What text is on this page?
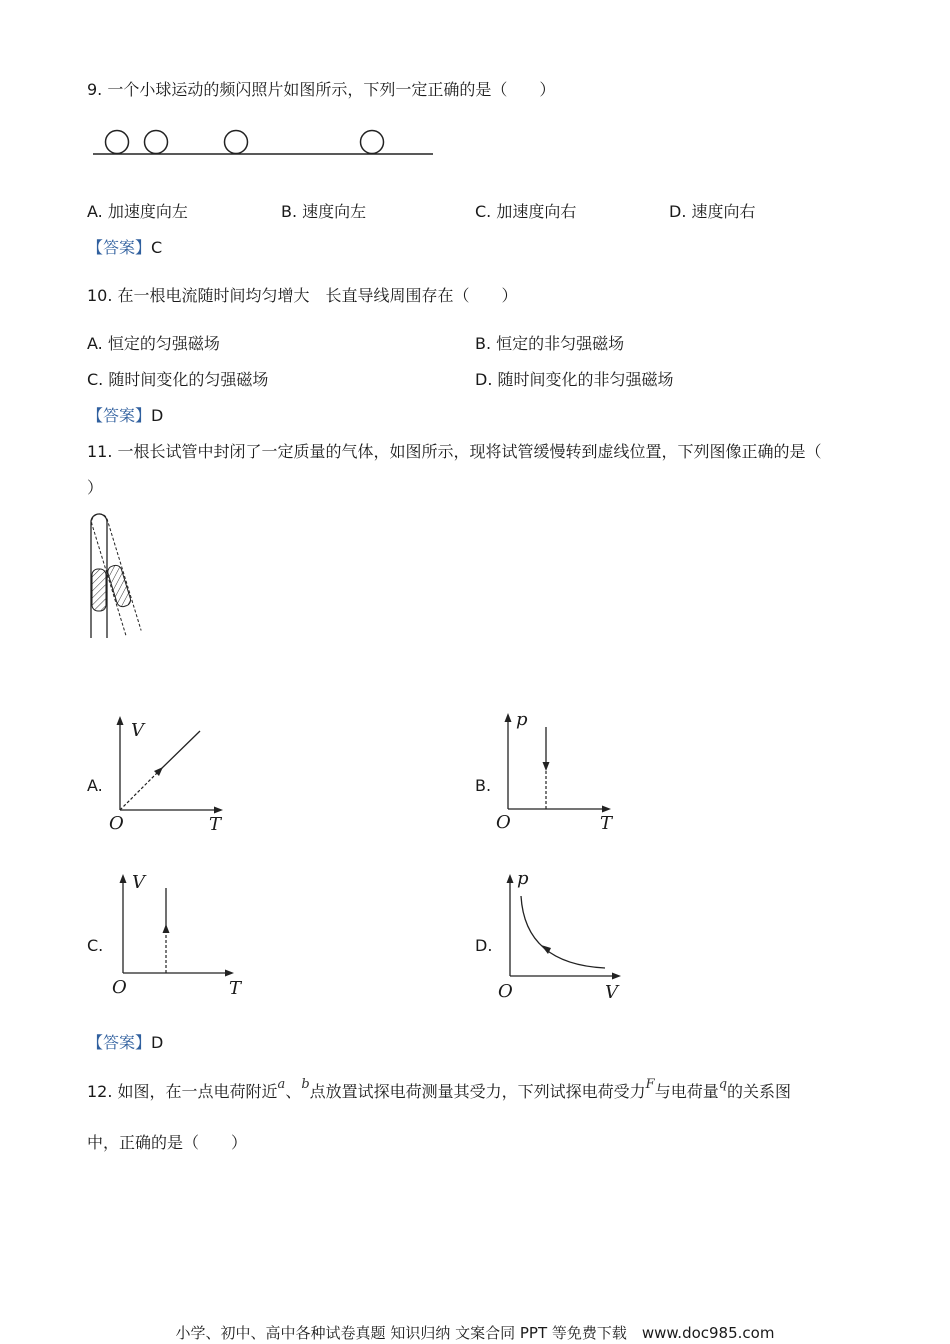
9. 一个小球运动的频闪照片如图所示，下列一定正确的是（　　）
A. 加速度向左	B. 速度向左	C. 加速度向右	D. 速度向右
【答案】C
10. 在一根电流随时间均匀增大　长直导线周围存在（　　）
A. 恒定的匀强磁场	B. 恒定的非匀强磁场
C. 随时间变化的匀强磁场	D. 随时间变化的非匀强磁场
【答案】D
11. 一根长试管中封闭了一定质量的气体，如图所示，现将试管缓慢转到虚线位置，下列图像正确的是（
）
A.
V
T
O
B.
p
T
O
C.
V
T
O
D.
p
V
O
【答案】D
12. 如图，在一点电荷附近$^a$、$^b$点放置试探电荷测量其受力，下列试探电荷受力$^F$与电荷量$^q$的关系图
中，正确的是（　　）
小学、初中、高中各种试卷真题 知识归纳 文案合同 PPT 等免费下载　www.doc985.com
